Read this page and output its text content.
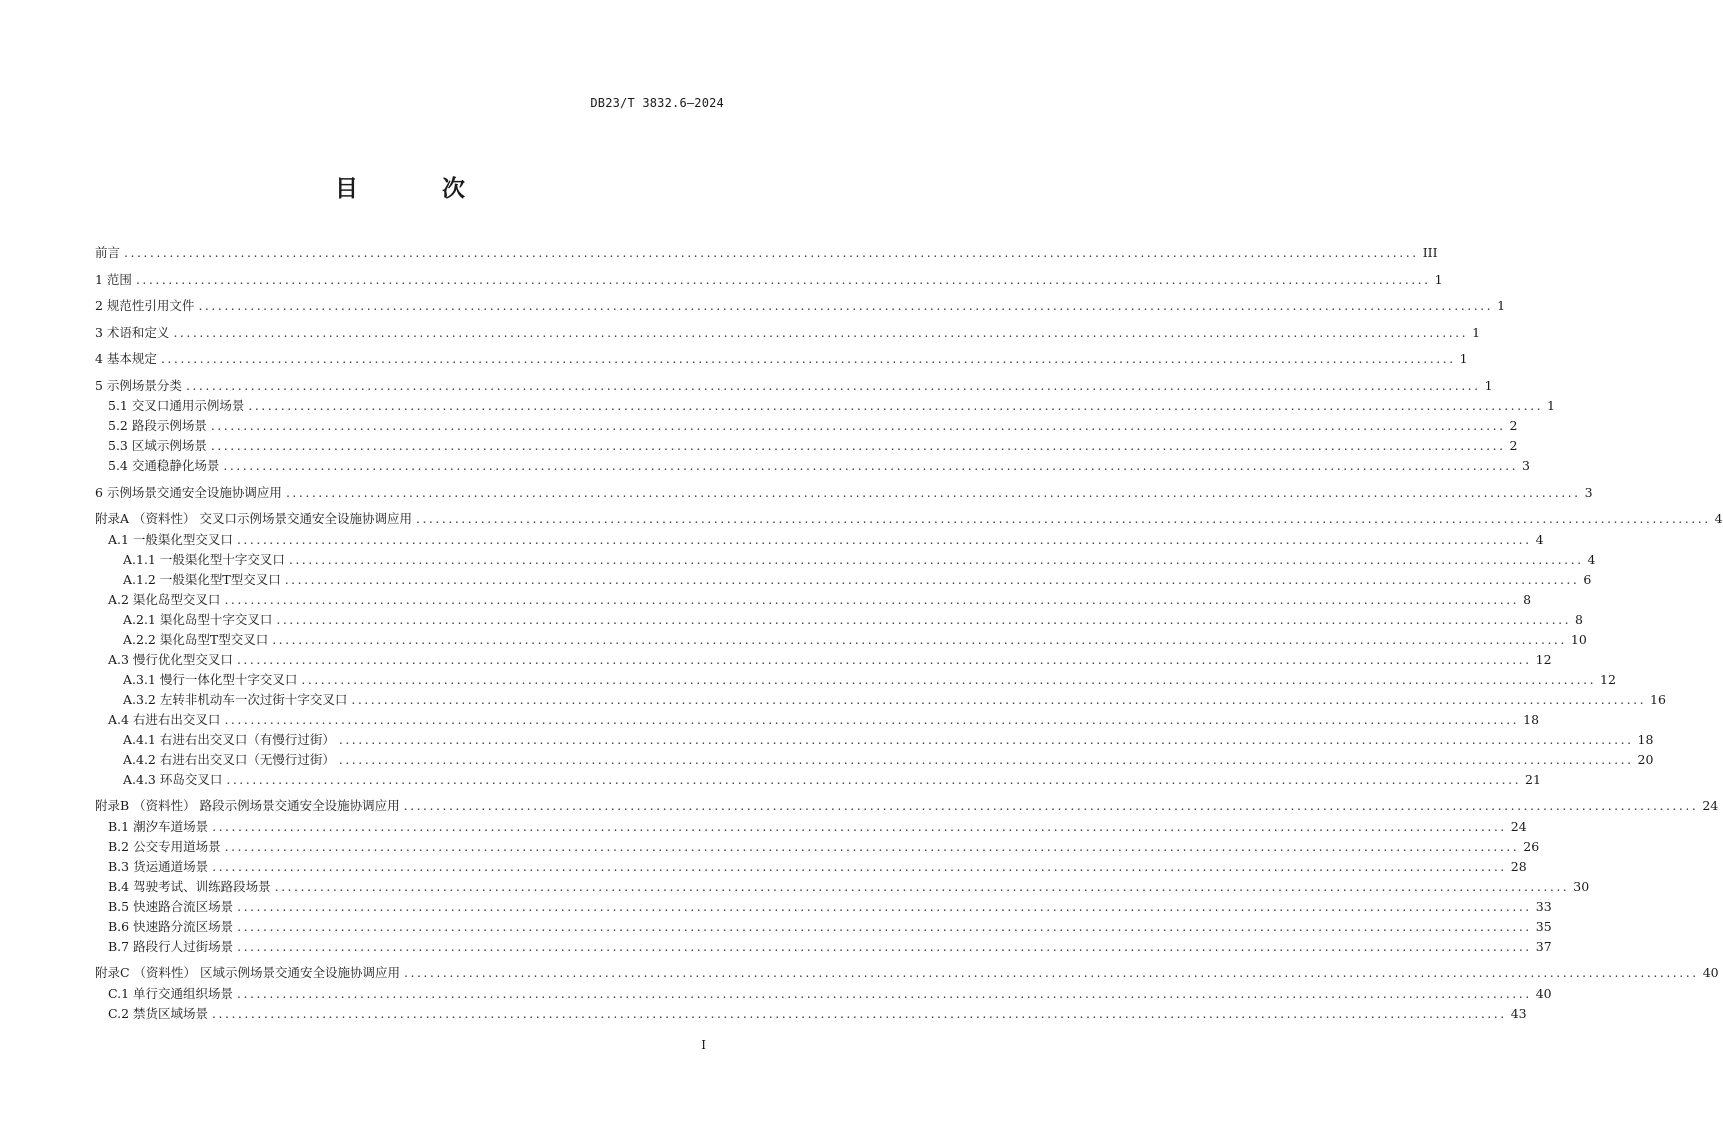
DB23/T 3832.6—2024
目 次
前言 ........................................................................................................................................................................................................ III
1 范围 ........................................................................................................................................................................................................ 1
2 规范性引用文件 ........................................................................................................................................................................................................ 1
3 术语和定义 ........................................................................................................................................................................................................ 1
4 基本规定 ........................................................................................................................................................................................................ 1
5 示例场景分类 ........................................................................................................................................................................................................ 1
5.1 交叉口通用示例场景 ........................................................................................................................................................................................................ 1
5.2 路段示例场景 ........................................................................................................................................................................................................ 2
5.3 区域示例场景 ........................................................................................................................................................................................................ 2
5.4 交通稳静化场景 ........................................................................................................................................................................................................ 3
6 示例场景交通安全设施协调应用 ........................................................................................................................................................................................................ 3
附录A （资料性） 交叉口示例场景交通安全设施协调应用 ........................................................................................................................................................................................................ 4
A.1 一般渠化型交叉口 ........................................................................................................................................................................................................ 4
A.1.1 一般渠化型十字交叉口 ........................................................................................................................................................................................................ 4
A.1.2 一般渠化型T型交叉口 ........................................................................................................................................................................................................ 6
A.2 渠化岛型交叉口 ........................................................................................................................................................................................................ 8
A.2.1 渠化岛型十字交叉口 ........................................................................................................................................................................................................ 8
A.2.2 渠化岛型T型交叉口 ........................................................................................................................................................................................................ 10
A.3 慢行优化型交叉口 ........................................................................................................................................................................................................ 12
A.3.1 慢行一体化型十字交叉口 ........................................................................................................................................................................................................ 12
A.3.2 左转非机动车一次过街十字交叉口 ........................................................................................................................................................................................................ 16
A.4 右进右出交叉口 ........................................................................................................................................................................................................ 18
A.4.1 右进右出交叉口（有慢行过街） ........................................................................................................................................................................................................ 18
A.4.2 右进右出交叉口（无慢行过街） ........................................................................................................................................................................................................ 20
A.4.3 环岛交叉口 ........................................................................................................................................................................................................ 21
附录B （资料性） 路段示例场景交通安全设施协调应用 ........................................................................................................................................................................................................ 24
B.1 潮汐车道场景 ........................................................................................................................................................................................................ 24
B.2 公交专用道场景 ........................................................................................................................................................................................................ 26
B.3 货运通道场景 ........................................................................................................................................................................................................ 28
B.4 驾驶考试、训练路段场景 ........................................................................................................................................................................................................ 30
B.5 快速路合流区场景 ........................................................................................................................................................................................................ 33
B.6 快速路分流区场景 ........................................................................................................................................................................................................ 35
B.7 路段行人过街场景 ........................................................................................................................................................................................................ 37
附录C （资料性） 区域示例场景交通安全设施协调应用 ........................................................................................................................................................................................................ 40
C.1 单行交通组织场景 ........................................................................................................................................................................................................ 40
C.2 禁货区域场景 ........................................................................................................................................................................................................ 43
I
